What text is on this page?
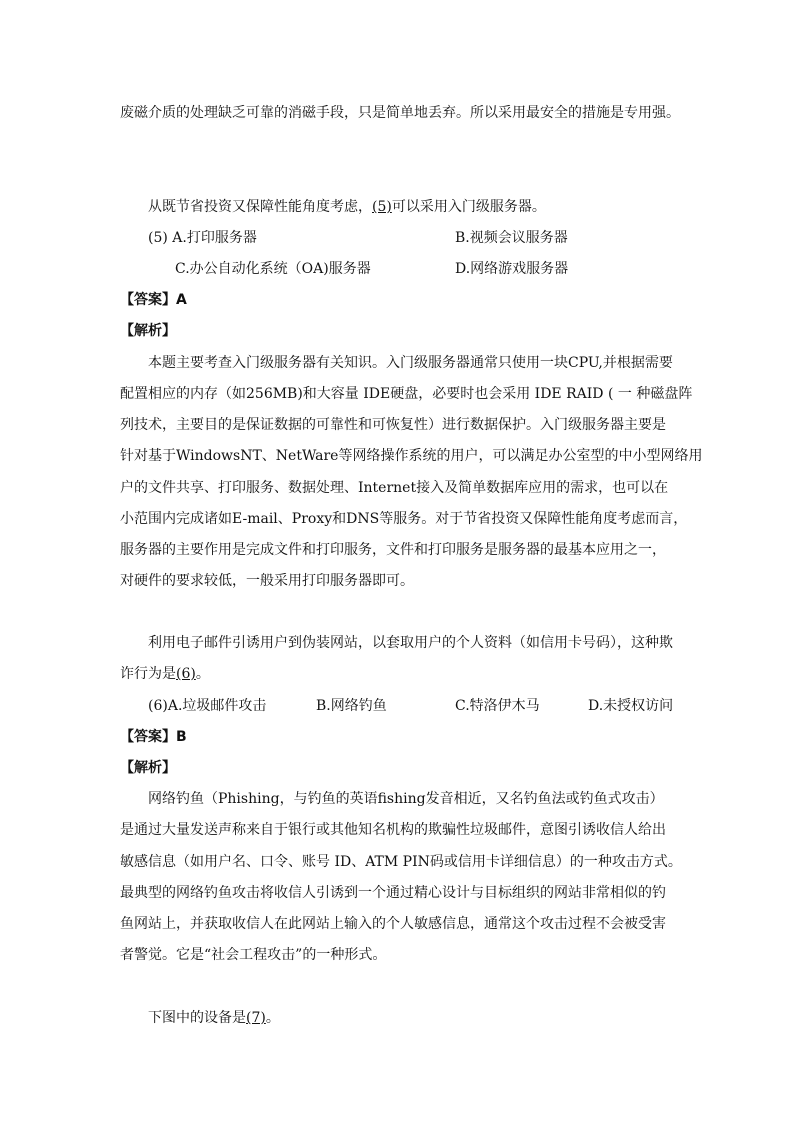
废磁介质的处理缺乏可靠的消磁手段，只是简单地丢弃。所以采用最安全的措施是专用强。
从既节省投资又保障性能角度考虑，(5)可以采用入门级服务器。
(5) A.打印服务器	B.视频会议服务器
C.办公自动化系统（OA)服务器	D.网络游戏服务器
【答案】A
【解析】
本题主要考查入门级服务器有关知识。入门级服务器通常只使用一块CPU,并根据需要
配置相应的内存（如256MB)和大容量 IDE硬盘，必要时也会采用 IDE RAID ( 一 种磁盘阵
列技术，主要目的是保证数据的可靠性和可恢复性）进行数据保护。入门级服务器主要是
针对基于WindowsNT、NetWare等网络操作系统的用户，可以满足办公室型的中小型网络用
户的文件共享、打印服务、数据处理、Internet接入及简单数据库应用的需求，也可以在
小范围内完成诸如E-mail、Proxy和DNS等服务。对于节省投资又保障性能角度考虑而言，
服务器的主要作用是完成文件和打印服务，文件和打印服务是服务器的最基本应用之一，
对硬件的要求较低，一般采用打印服务器即可。
利用电子邮件引诱用户到伪装网站，以套取用户的个人资料（如信用卡号码），这种欺
诈行为是(6)。
(6)A.垃圾邮件攻击	B.网络钓鱼	C.特洛伊木马	D.未授权访问
【答案】B
【解析】
网络钓鱼（Phishing，与钓鱼的英语fishing发音相近，又名钓鱼法或钓鱼式攻击）
是通过大量发送声称来自于银行或其他知名机构的欺骗性垃圾邮件，意图引诱收信人给出
敏感信息（如用户名、口令、账号 ID、ATM PIN码或信用卡详细信息）的一种攻击方式。
最典型的网络钓鱼攻击将收信人引诱到一个通过精心设计与目标组织的网站非常相似的钓
鱼网站上，并获取收信人在此网站上输入的个人敏感信息，通常这个攻击过程不会被受害
者警觉。它是“社会工程攻击”的一种形式。
下图中的设备是(7)。
